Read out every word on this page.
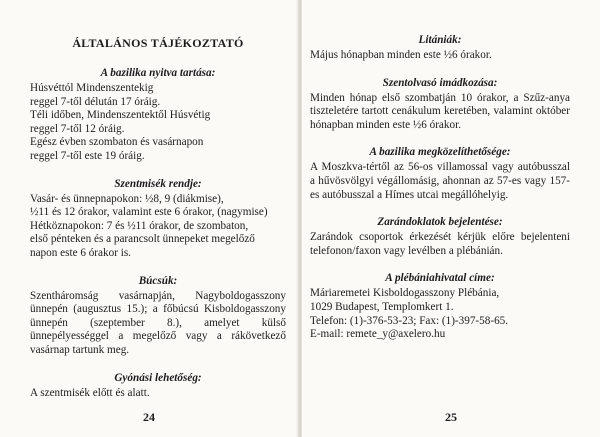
ÁLTALÁNOS TÁJÉKOZTATÓ
A bazilika nyitva tartása:
Húsvéttól Mindenszentekig
reggel 7-től délután 17 óráig.
Téli időben, Mindenszentektől Húsvétig
reggel 7-től 12 óráig.
Egész évben szombaton és vasárnapon
reggel 7-től este 19 óráig.
Szentmisék rendje:
Vasár- és ünnepnapokon: ½8, 9 (diákmise),
½11 és 12 órakor, valamint este 6 órakor, (nagymise)
Hétköznapokon: 7 és ½11 órakor, de szombaton,
első pénteken és a parancsolt ünnepeket megelőző
napon este 6 órakor is.
Búcsúk:
Szentháromság vasárnapján, Nagyboldogasszony ünnepén (augusztus 15.); a főbúcsú Kisboldogasszony ünnepén (szeptember 8.), amelyet külső ünnepélyességgel a megelőző vagy a rákövetkező vasárnap tartunk meg.
Gyónási lehetőség:
A szentmisék előtt és alatt.
24
Litániák:
Május hónapban minden este ½6 órakor.
Szentolvasó imádkozása:
Minden hónap első szombatján 10 órakor, a Szűz-anya tiszteletére tartott cenákulum keretében, valamint október hónapban minden este ½6 órakor.
A bazilika megközelíthetősége:
A Moszkva-tértől az 56-os villamossal vagy autóbusszal a hűvösvölgyi végállomásig, ahonnan az 57-es vagy 157-es autóbusszal a Hímes utcai megállóhelyig.
Zarándoklatok bejelentése:
Zarándok csoportok érkezését kérjük előre bejelenteni telefonon/faxon vagy levélben a plébánián.
A plébániahivatal címe:
Máriaremetei Kisboldogasszony Plébánia,
1029 Budapest, Templomkert 1.
Telefon: (1)-376-53-23; Fax: (1)-397-58-65.
E-mail: remete_y@axelero.hu
25
